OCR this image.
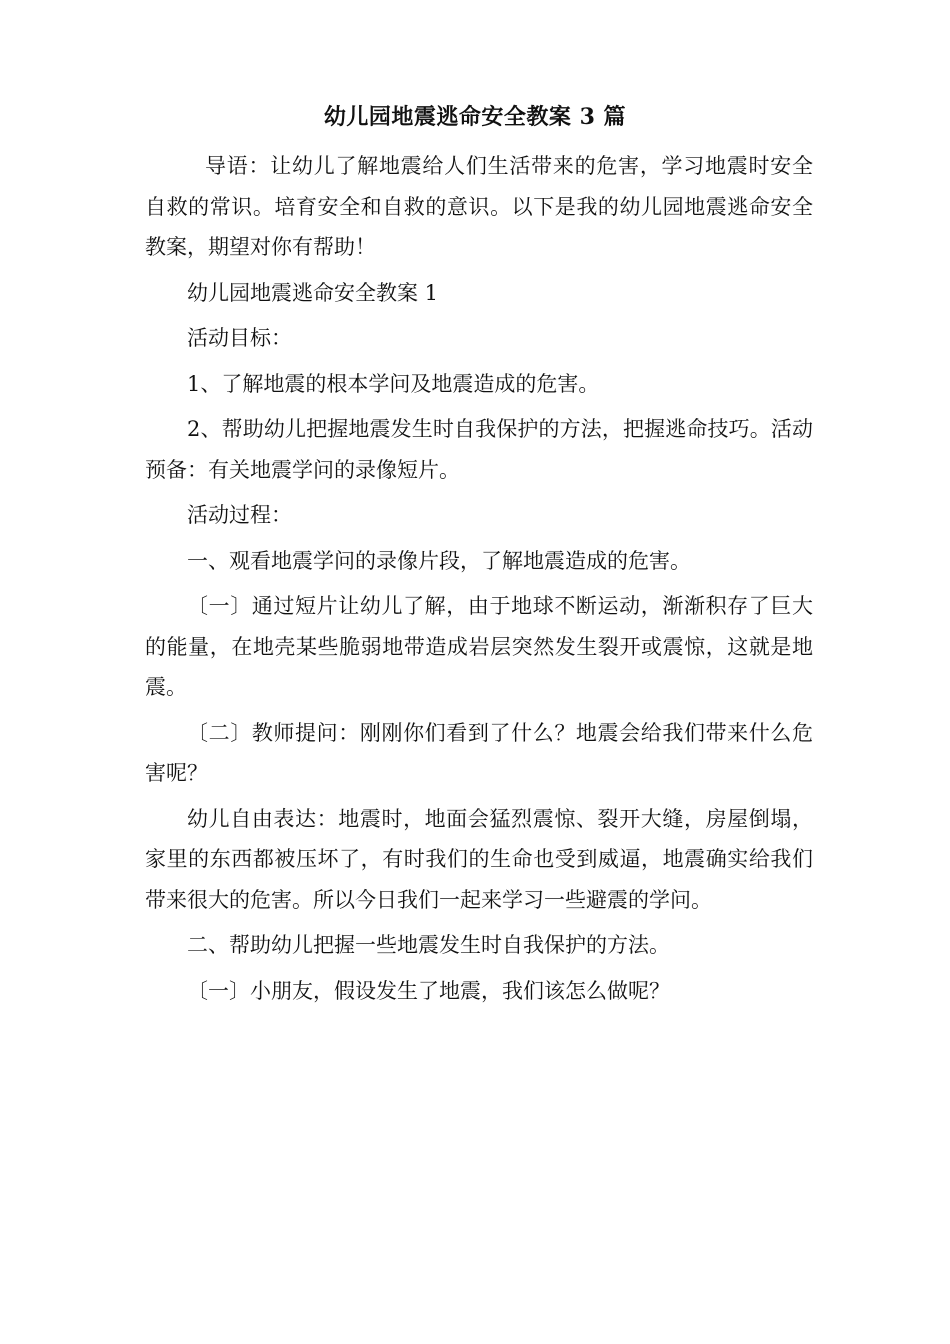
幼儿园地震逃命安全教案 3 篇

导语：让幼儿了解地震给人们生活带来的危害，学习地震时安全自救的常识。培育安全和自救的意识。以下是我的幼儿园地震逃命安全教案，期望对你有帮助！

幼儿园地震逃命安全教案 1

活动目标：

1、了解地震的根本学问及地震造成的危害。

2、帮助幼儿把握地震发生时自我保护的方法，把握逃命技巧。活动预备：有关地震学问的录像短片。

活动过程：

一、观看地震学问的录像片段，了解地震造成的危害。

〔一〕通过短片让幼儿了解，由于地球不断运动，渐渐积存了巨大的能量，在地壳某些脆弱地带造成岩层突然发生裂开或震惊，这就是地震。

〔二〕教师提问：刚刚你们看到了什么？地震会给我们带来什么危害呢？

幼儿自由表达：地震时，地面会猛烈震惊、裂开大缝，房屋倒塌，家里的东西都被压坏了，有时我们的生命也受到威逼，地震确实给我们带来很大的危害。所以今日我们一起来学习一些避震的学问。

二、帮助幼儿把握一些地震发生时自我保护的方法。

〔一〕小朋友，假设发生了地震，我们该怎么做呢？
